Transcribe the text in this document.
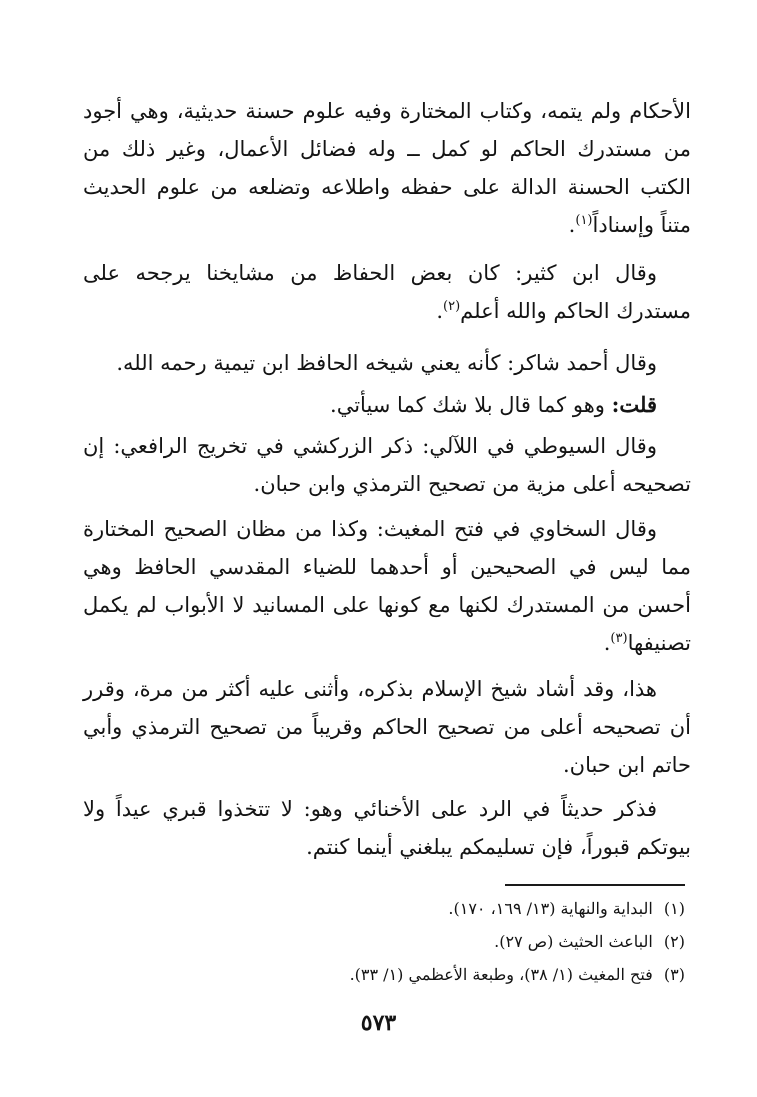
الأحكام ولم يتمه، وكتاب المختارة وفيه علوم حسنة حديثية، وهي أجود من مستدرك الحاكم لو كمل ــ وله فضائل الأعمال، وغير ذلك من الكتب الحسنة الدالة على حفظه واطلاعه وتضلعه من علوم الحديث متناً وإسناداً$^{(١)}$.

وقال ابن كثير: كان بعض الحفاظ من مشايخنا يرجحه على مستدرك الحاكم والله أعلم$^{(٢)}$.

وقال أحمد شاكر: كأنه يعني شيخه الحافظ ابن تيمية رحمه الله.

قلت: وهو كما قال بلا شك كما سيأتي.

وقال السيوطي في اللآلي: ذكر الزركشي في تخريج الرافعي: إن تصحيحه أعلى مزية من تصحيح الترمذي وابن حبان.

وقال السخاوي في فتح المغيث: وكذا من مظان الصحيح المختارة مما ليس في الصحيحين أو أحدهما للضياء المقدسي الحافظ وهي أحسن من المستدرك لكنها مع كونها على المسانيد لا الأبواب لم يكمل تصنيفها$^{(٣)}$.

هذا، وقد أشاد شيخ الإسلام بذكره، وأثنى عليه أكثر من مرة، وقرر أن تصحيحه أعلى من تصحيح الحاكم وقريباً من تصحيح الترمذي وأبي حاتم ابن حبان.

فذكر حديثاً في الرد على الأخنائي وهو: لا تتخذوا قبري عيداً ولا بيوتكم قبوراً، فإن تسليمكم يبلغني أينما كنتم.

(١) البداية والنهاية (١٣/ ١٦٩، ١٧٠).

(٢) الباعث الحثيث (ص ٢٧).

(٣) فتح المغيث (١/ ٣٨)، وطبعة الأعظمي (١/ ٣٣).

٥٧٣
